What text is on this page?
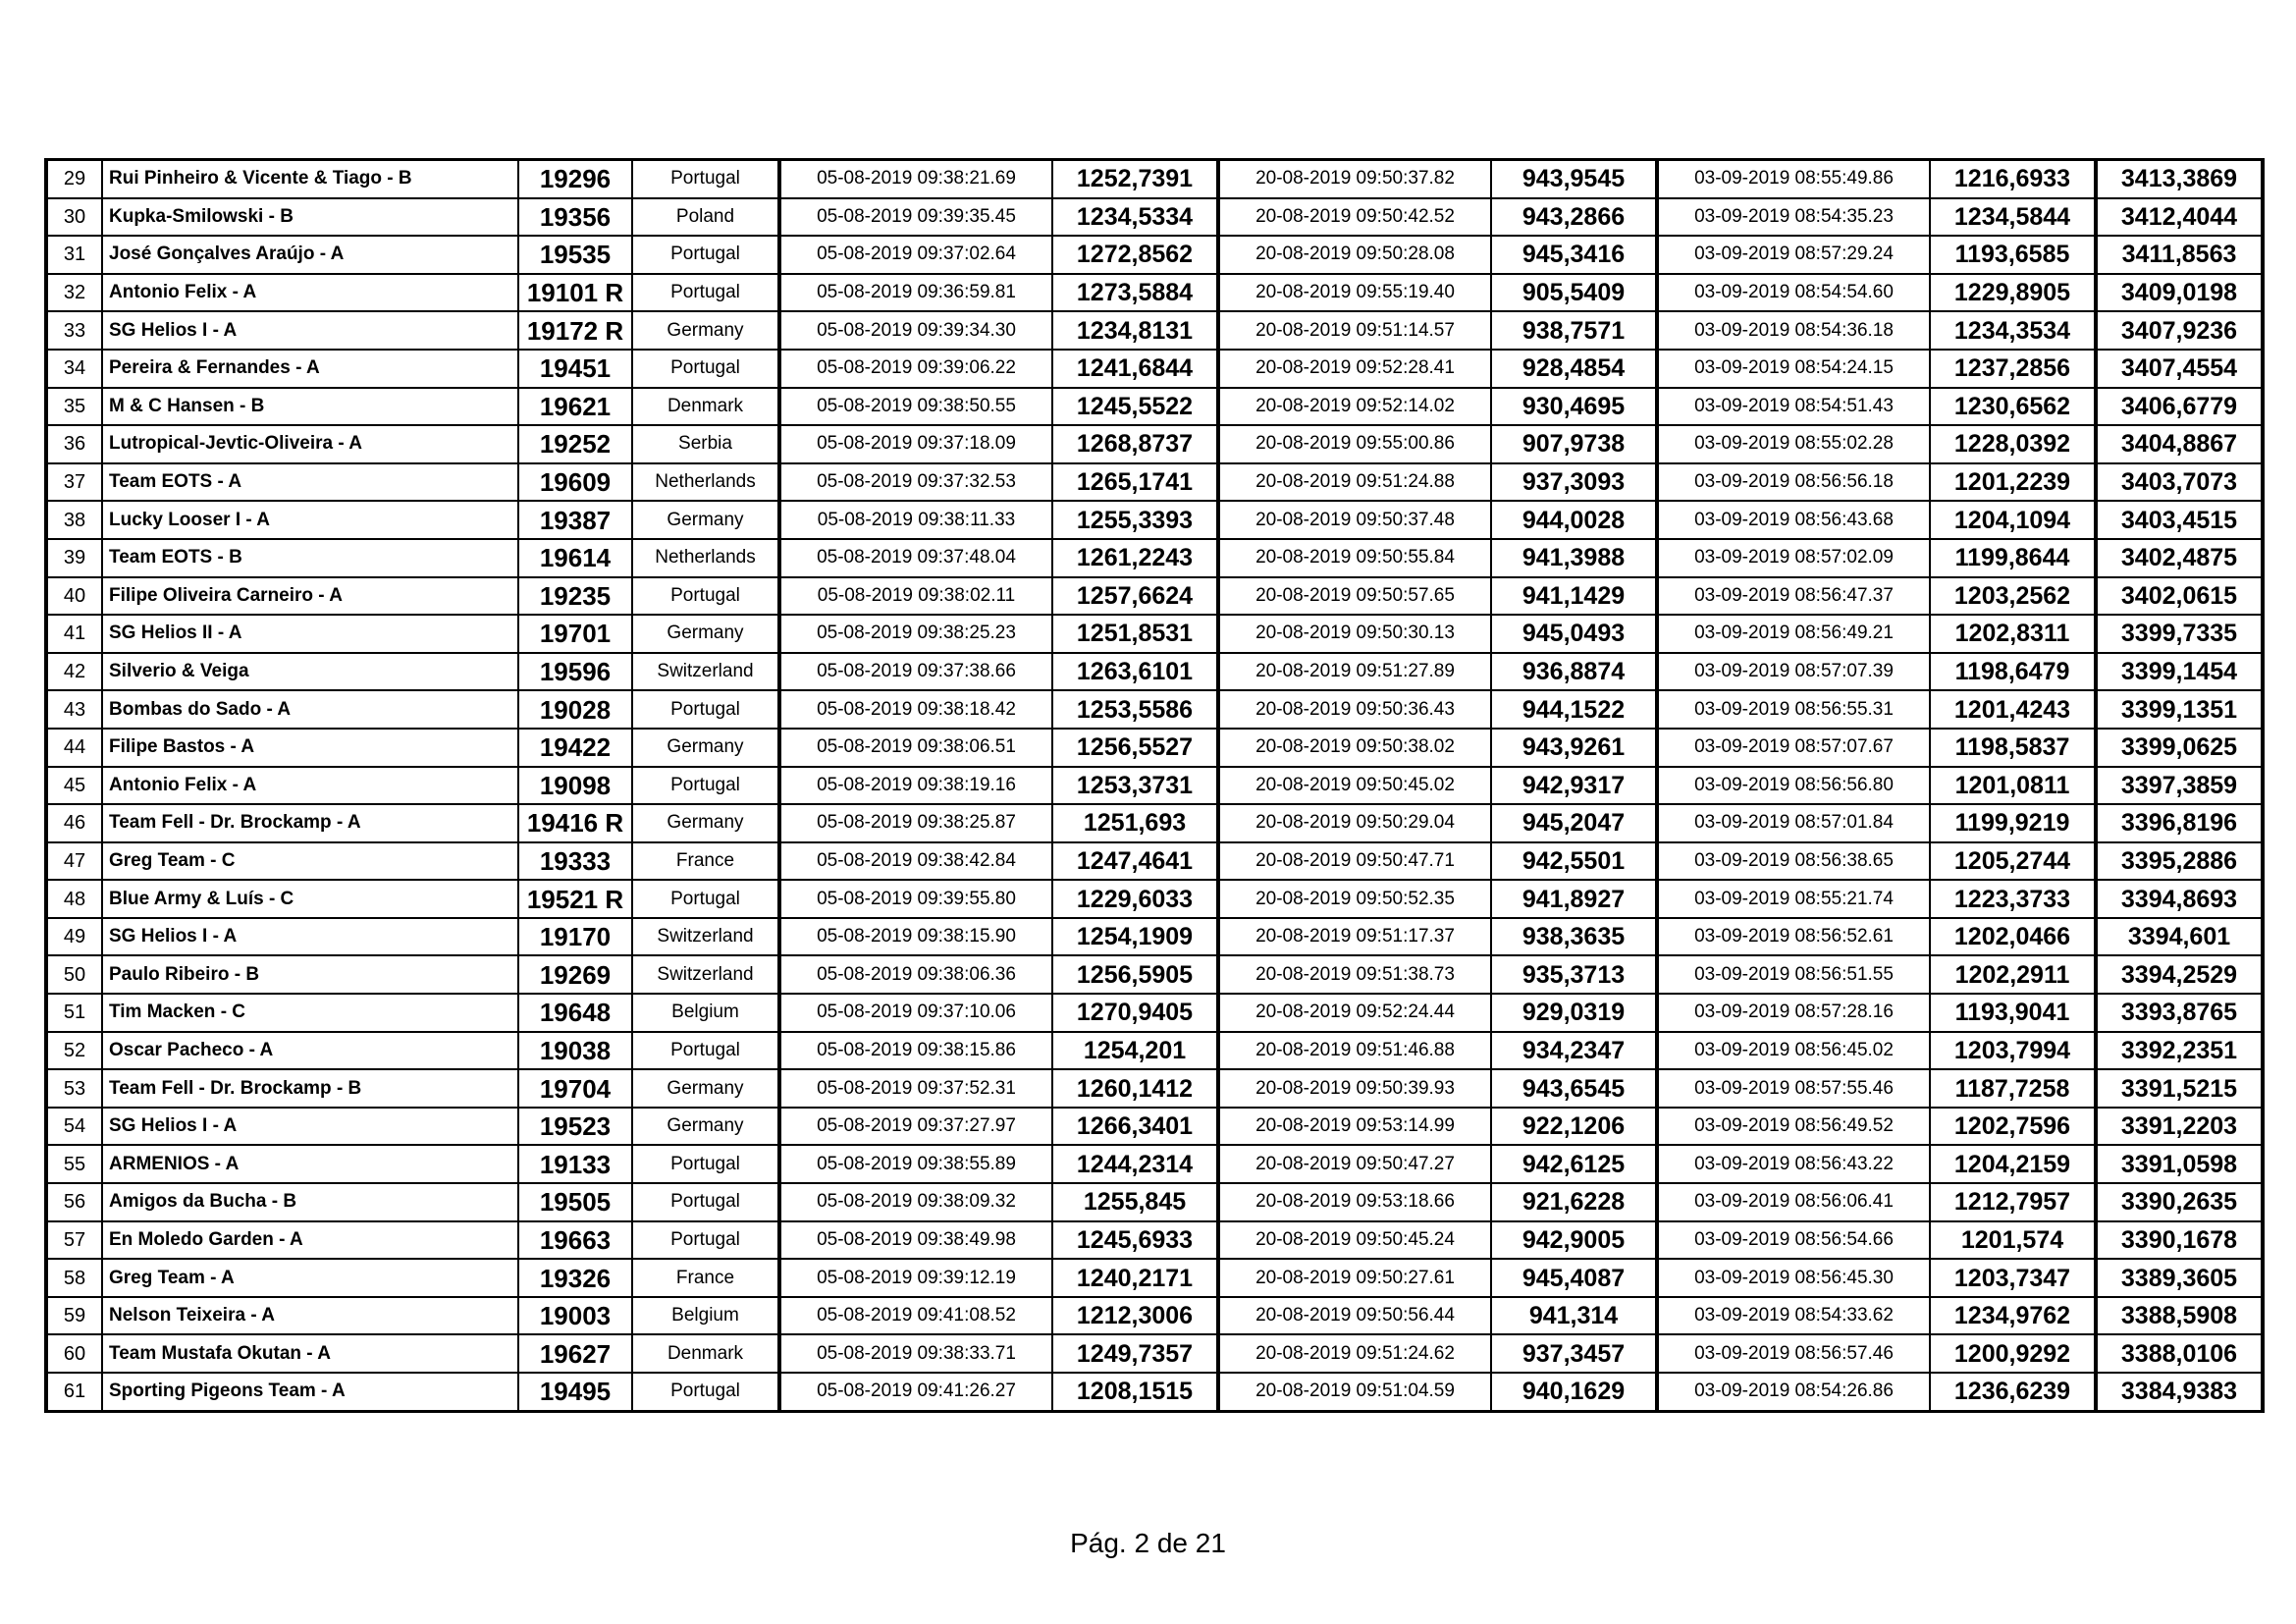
29	Rui Pinheiro & Vicente & Tiago - B	19296	Portugal	05-08-2019 09:38:21.69	1252,7391	20-08-2019 09:50:37.82	943,9545	03-09-2019 08:55:49.86	1216,6933	3413,3869
30	Kupka-Smilowski - B	19356	Poland	05-08-2019 09:39:35.45	1234,5334	20-08-2019 09:50:42.52	943,2866	03-09-2019 08:54:35.23	1234,5844	3412,4044
31	José Gonçalves Araújo - A	19535	Portugal	05-08-2019 09:37:02.64	1272,8562	20-08-2019 09:50:28.08	945,3416	03-09-2019 08:57:29.24	1193,6585	3411,8563
32	Antonio Felix - A	19101 R	Portugal	05-08-2019 09:36:59.81	1273,5884	20-08-2019 09:55:19.40	905,5409	03-09-2019 08:54:54.60	1229,8905	3409,0198
33	SG Helios I - A	19172 R	Germany	05-08-2019 09:39:34.30	1234,8131	20-08-2019 09:51:14.57	938,7571	03-09-2019 08:54:36.18	1234,3534	3407,9236
34	Pereira & Fernandes - A	19451	Portugal	05-08-2019 09:39:06.22	1241,6844	20-08-2019 09:52:28.41	928,4854	03-09-2019 08:54:24.15	1237,2856	3407,4554
35	M & C Hansen - B	19621	Denmark	05-08-2019 09:38:50.55	1245,5522	20-08-2019 09:52:14.02	930,4695	03-09-2019 08:54:51.43	1230,6562	3406,6779
36	Lutropical-Jevtic-Oliveira - A	19252	Serbia	05-08-2019 09:37:18.09	1268,8737	20-08-2019 09:55:00.86	907,9738	03-09-2019 08:55:02.28	1228,0392	3404,8867
37	Team EOTS - A	19609	Netherlands	05-08-2019 09:37:32.53	1265,1741	20-08-2019 09:51:24.88	937,3093	03-09-2019 08:56:56.18	1201,2239	3403,7073
38	Lucky Looser I - A	19387	Germany	05-08-2019 09:38:11.33	1255,3393	20-08-2019 09:50:37.48	944,0028	03-09-2019 08:56:43.68	1204,1094	3403,4515
39	Team EOTS - B	19614	Netherlands	05-08-2019 09:37:48.04	1261,2243	20-08-2019 09:50:55.84	941,3988	03-09-2019 08:57:02.09	1199,8644	3402,4875
40	Filipe Oliveira Carneiro - A	19235	Portugal	05-08-2019 09:38:02.11	1257,6624	20-08-2019 09:50:57.65	941,1429	03-09-2019 08:56:47.37	1203,2562	3402,0615
41	SG Helios II - A	19701	Germany	05-08-2019 09:38:25.23	1251,8531	20-08-2019 09:50:30.13	945,0493	03-09-2019 08:56:49.21	1202,8311	3399,7335
42	Silverio & Veiga	19596	Switzerland	05-08-2019 09:37:38.66	1263,6101	20-08-2019 09:51:27.89	936,8874	03-09-2019 08:57:07.39	1198,6479	3399,1454
43	Bombas do Sado - A	19028	Portugal	05-08-2019 09:38:18.42	1253,5586	20-08-2019 09:50:36.43	944,1522	03-09-2019 08:56:55.31	1201,4243	3399,1351
44	Filipe Bastos - A	19422	Germany	05-08-2019 09:38:06.51	1256,5527	20-08-2019 09:50:38.02	943,9261	03-09-2019 08:57:07.67	1198,5837	3399,0625
45	Antonio Felix - A	19098	Portugal	05-08-2019 09:38:19.16	1253,3731	20-08-2019 09:50:45.02	942,9317	03-09-2019 08:56:56.80	1201,0811	3397,3859
46	Team Fell - Dr. Brockamp - A	19416 R	Germany	05-08-2019 09:38:25.87	1251,693	20-08-2019 09:50:29.04	945,2047	03-09-2019 08:57:01.84	1199,9219	3396,8196
47	Greg Team - C	19333	France	05-08-2019 09:38:42.84	1247,4641	20-08-2019 09:50:47.71	942,5501	03-09-2019 08:56:38.65	1205,2744	3395,2886
48	Blue Army & Luís - C	19521 R	Portugal	05-08-2019 09:39:55.80	1229,6033	20-08-2019 09:50:52.35	941,8927	03-09-2019 08:55:21.74	1223,3733	3394,8693
49	SG Helios I - A	19170	Switzerland	05-08-2019 09:38:15.90	1254,1909	20-08-2019 09:51:17.37	938,3635	03-09-2019 08:56:52.61	1202,0466	3394,601
50	Paulo Ribeiro - B	19269	Switzerland	05-08-2019 09:38:06.36	1256,5905	20-08-2019 09:51:38.73	935,3713	03-09-2019 08:56:51.55	1202,2911	3394,2529
51	Tim Macken - C	19648	Belgium	05-08-2019 09:37:10.06	1270,9405	20-08-2019 09:52:24.44	929,0319	03-09-2019 08:57:28.16	1193,9041	3393,8765
52	Oscar Pacheco - A	19038	Portugal	05-08-2019 09:38:15.86	1254,201	20-08-2019 09:51:46.88	934,2347	03-09-2019 08:56:45.02	1203,7994	3392,2351
53	Team Fell - Dr. Brockamp - B	19704	Germany	05-08-2019 09:37:52.31	1260,1412	20-08-2019 09:50:39.93	943,6545	03-09-2019 08:57:55.46	1187,7258	3391,5215
54	SG Helios I - A	19523	Germany	05-08-2019 09:37:27.97	1266,3401	20-08-2019 09:53:14.99	922,1206	03-09-2019 08:56:49.52	1202,7596	3391,2203
55	ARMENIOS - A	19133	Portugal	05-08-2019 09:38:55.89	1244,2314	20-08-2019 09:50:47.27	942,6125	03-09-2019 08:56:43.22	1204,2159	3391,0598
56	Amigos da Bucha - B	19505	Portugal	05-08-2019 09:38:09.32	1255,845	20-08-2019 09:53:18.66	921,6228	03-09-2019 08:56:06.41	1212,7957	3390,2635
57	En Moledo Garden - A	19663	Portugal	05-08-2019 09:38:49.98	1245,6933	20-08-2019 09:50:45.24	942,9005	03-09-2019 08:56:54.66	1201,574	3390,1678
58	Greg Team - A	19326	France	05-08-2019 09:39:12.19	1240,2171	20-08-2019 09:50:27.61	945,4087	03-09-2019 08:56:45.30	1203,7347	3389,3605
59	Nelson Teixeira - A	19003	Belgium	05-08-2019 09:41:08.52	1212,3006	20-08-2019 09:50:56.44	941,314	03-09-2019 08:54:33.62	1234,9762	3388,5908
60	Team Mustafa Okutan - A	19627	Denmark	05-08-2019 09:38:33.71	1249,7357	20-08-2019 09:51:24.62	937,3457	03-09-2019 08:56:57.46	1200,9292	3388,0106
61	Sporting Pigeons Team - A	19495	Portugal	05-08-2019 09:41:26.27	1208,1515	20-08-2019 09:51:04.59	940,1629	03-09-2019 08:54:26.86	1236,6239	3384,9383
Pág. 2 de 21
